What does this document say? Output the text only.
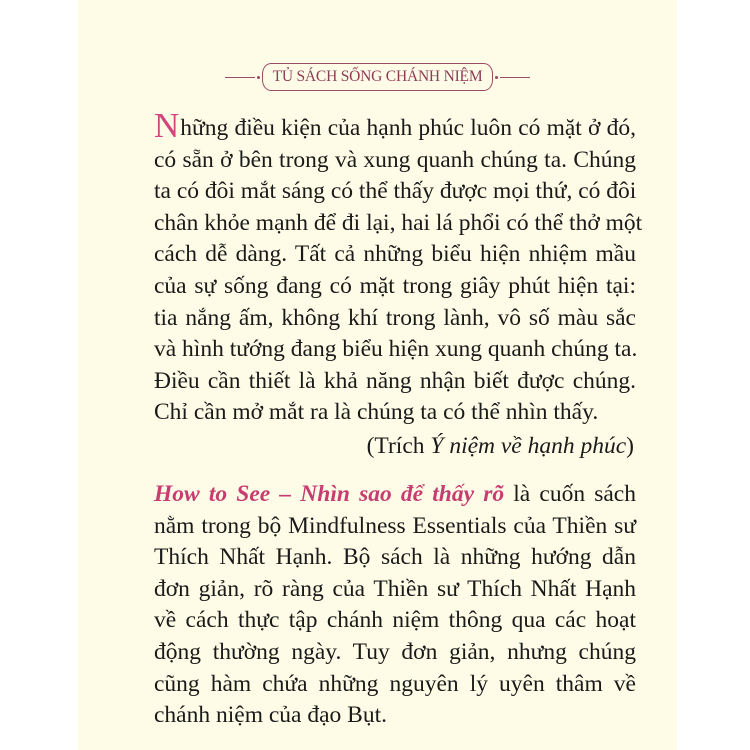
TỦ SÁCH SỐNG CHÁNH NIỆM
Những điều kiện của hạnh phúc luôn có mặt ở đó,
có sẵn ở bên trong và xung quanh chúng ta. Chúng
ta có đôi mắt sáng có thể thấy được mọi thứ, có đôi
chân khỏe mạnh để đi lại, hai lá phổi có thể thở một
cách dễ dàng. Tất cả những biểu hiện nhiệm mầu
của sự sống đang có mặt trong giây phút hiện tại:
tia nắng ấm, không khí trong lành, vô số màu sắc
và hình tướng đang biểu hiện xung quanh chúng ta.
Điều cần thiết là khả năng nhận biết được chúng.
Chỉ cần mở mắt ra là chúng ta có thể nhìn thấy.
(Trích Ý niệm về hạnh phúc)
How to See – Nhìn sao để thấy rõ là cuốn sách
nằm trong bộ Mindfulness Essentials của Thiền sư
Thích Nhất Hạnh. Bộ sách là những hướng dẫn
đơn giản, rõ ràng của Thiền sư Thích Nhất Hạnh
về cách thực tập chánh niệm thông qua các hoạt
động thường ngày. Tuy đơn giản, nhưng chúng
cũng hàm chứa những nguyên lý uyên thâm về
chánh niệm của đạo Bụt.
